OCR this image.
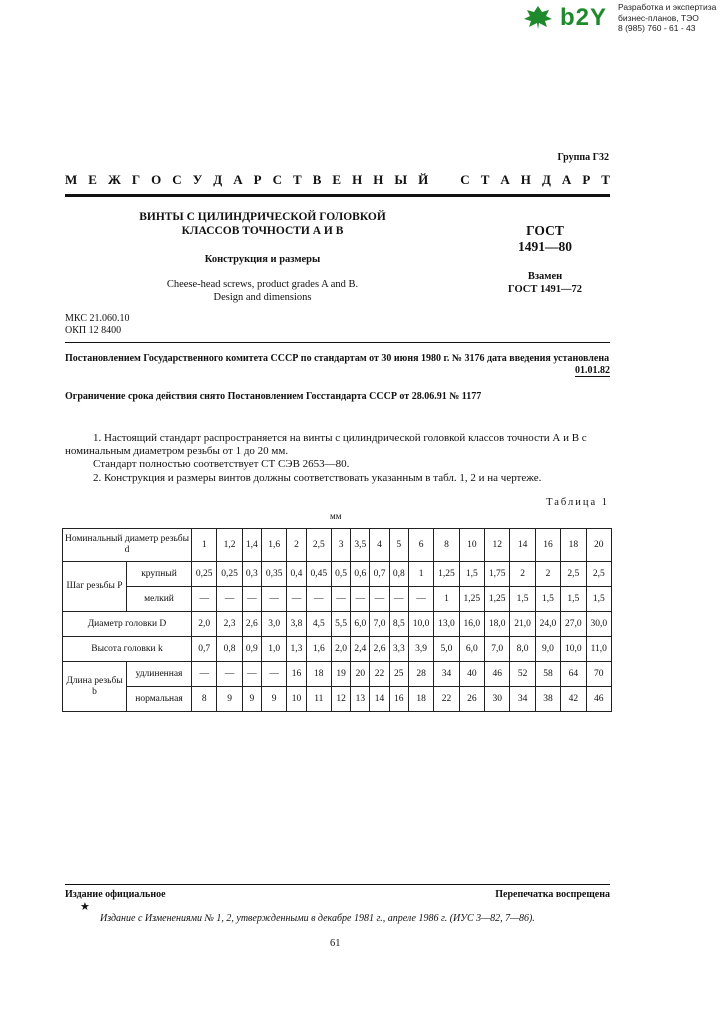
b2Y Разработка и экспертиза
бизнес-планов, ТЭО
8 (985) 760 - 61 - 43
Группа Г32
М Е Ж Г О С У Д А Р С Т В Е Н Н Ы Й С Т А Н Д А Р Т
ВИНТЫ С ЦИЛИНДРИЧЕСКОЙ ГОЛОВКОЙ
КЛАССОВ ТОЧНОСТИ А И В
Конструкция и размеры
Cheese-head screws, product grades A and B.
Design and dimensions
ГОСТ
1491—80
Взамен
ГОСТ 1491—72
МКС 21.060.10
ОКП 12 8400
Постановлением Государственного комитета СССР по стандартам от 30 июня 1980 г. № 3176 дата введения установлена
01.01.82
Ограничение срока действия снято Постановлением Госстандарта СССР от 28.06.91 № 1177
1. Настоящий стандарт распространяется на винты с цилиндрической головкой классов точности А и В с номинальным диаметром резьбы от 1 до 20 мм.
Стандарт полностью соответствует СТ СЭВ 2653—80.
2. Конструкция и размеры винтов должны соответствовать указанным в табл. 1, 2 и на чертеже.
Таблица 1
мм
Номинальный диаметр резьбы d		1	1,2	1,4	1,6	2	2,5	3	3,5	4	5	6	8	10	12	14	16	18	20
Шаг резьбы P	крупный	0,25	0,25	0,3	0,35	0,4	0,45	0,5	0,6	0,7	0,8	1	1,25	1,5	1,75	2	2	2,5	2,5
	мелкий	—	—	—	—	—	—	—	—	—	—	—	1	1,25	1,25	1,5	1,5	1,5	1,5
Диаметр головки D		2,0	2,3	2,6	3,0	3,8	4,5	5,5	6,0	7,0	8,5	10,0	13,0	16,0	18,0	21,0	24,0	27,0	30,0
Высота головки k		0,7	0,8	0,9	1,0	1,3	1,6	2,0	2,4	2,6	3,3	3,9	5,0	6,0	7,0	8,0	9,0	10,0	11,0
Длина резьбы b	удлиненная	—	—	—	—	16	18	19	20	22	25	28	34	40	46	52	58	64	70
	нормальная	8	9	9	9	10	11	12	13	14	16	18	22	26	30	34	38	42	46
Издание официальное	Перепечатка воспрещена
★
Издание с Изменениями № 1, 2, утвержденными в декабре 1981 г., апреле 1986 г. (ИУС 3—82, 7—86).
61
